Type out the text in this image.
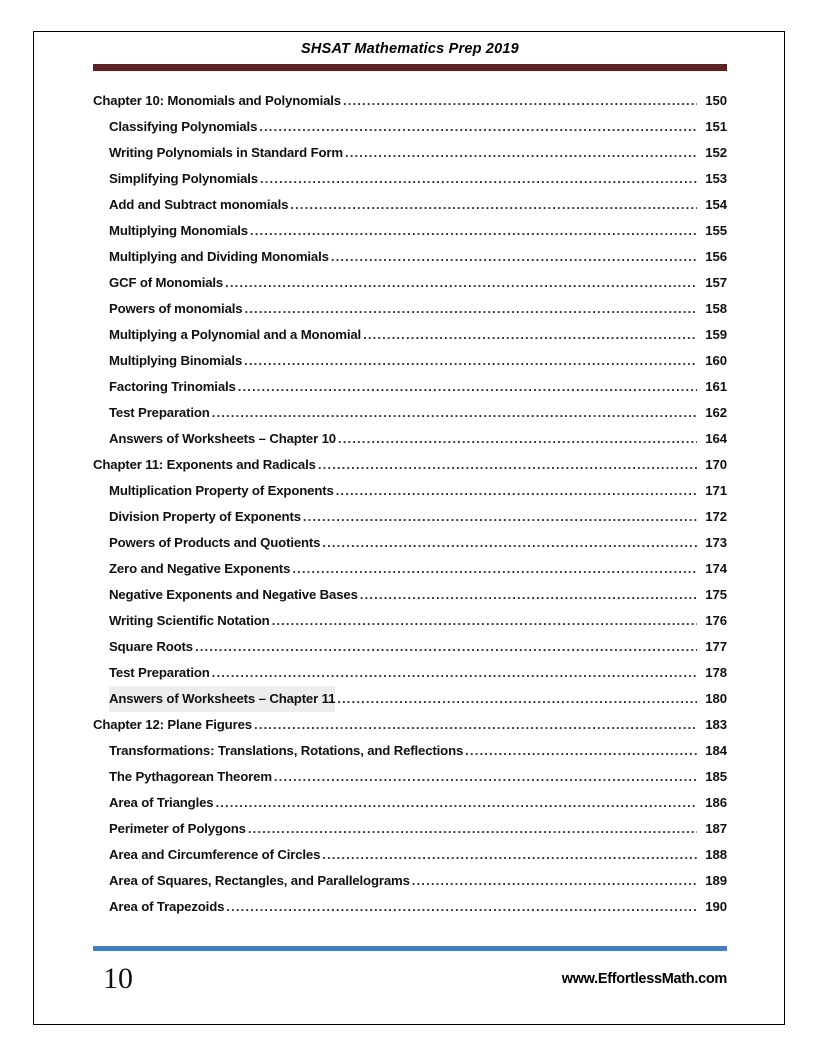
SHSAT Mathematics Prep 2019
Chapter 10: Monomials and Polynomials .....	150
Classifying Polynomials .....	151
Writing Polynomials in Standard Form .....	152
Simplifying Polynomials .....	153
Add and Subtract monomials .....	154
Multiplying Monomials .....	155
Multiplying and Dividing Monomials .....	156
GCF of Monomials .....	157
Powers of monomials .....	158
Multiplying a Polynomial and a Monomial .....	159
Multiplying Binomials .....	160
Factoring Trinomials .....	161
Test Preparation .....	162
Answers of Worksheets – Chapter 10 .....	164
Chapter 11: Exponents and Radicals .....	170
Multiplication Property of Exponents .....	171
Division Property of Exponents .....	172
Powers of Products and Quotients .....	173
Zero and Negative Exponents .....	174
Negative Exponents and Negative Bases .....	175
Writing Scientific Notation .....	176
Square Roots .....	177
Test Preparation .....	178
Answers of Worksheets – Chapter 11 .....	180
Chapter 12: Plane Figures .....	183
Transformations: Translations, Rotations, and Reflections .....	184
The Pythagorean Theorem .....	185
Area of Triangles .....	186
Perimeter of Polygons .....	187
Area and Circumference of Circles .....	188
Area of Squares, Rectangles, and Parallelograms .....	189
Area of Trapezoids .....	190
10	www.EffortlessMath.com
